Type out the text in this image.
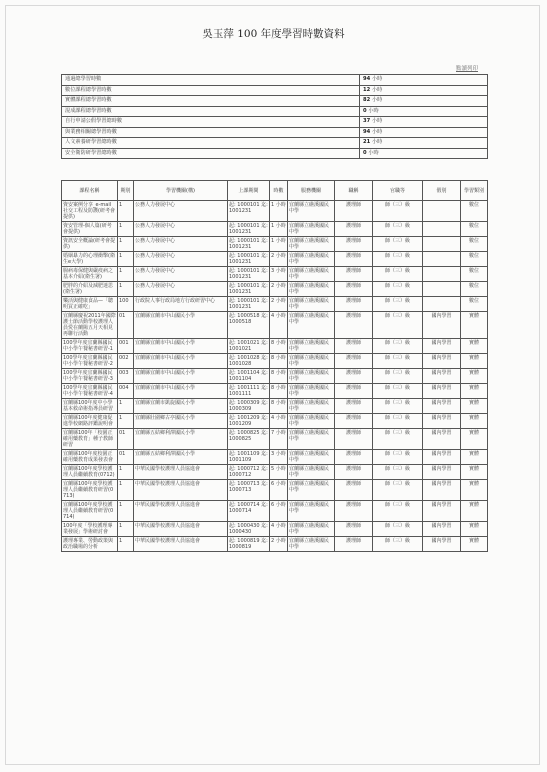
吳玉萍 100 年度學習時數資料
點讀列印
通過總學習時數	94 小時
數位課程總學習時數	12 小時
實體課程總學習時數	82 小時
混成課程總學習時數	0 小時
自行申請公假學習總時數	37 小時
與業務相關總學習時數	94 小時
人文素養研學習總時數	21 小時
安全衛防研學習總時數	0 小時
課程名稱	期別	學習機關(構)	上課期間	時數	服務機關	職稱	官職等	假別	學習類別
資安案例分享_e-mail社交工程及防護(研考會提供)	1	公務人力發展中心	起: 1000101 迄: 1001231	1 小時	宜蘭縣立礁溪國民中學	護理師	師（三）級		數位
資安管理-個人篇(研考會提供)	1	公務人力發展中心	起: 1000101 迄: 1001231	1 小時	宜蘭縣立礁溪國民中學	護理師	師（三）級		數位
資訊安全概論(研考會提供)	1	公務人力發展中心	起: 1000101 迄: 1001231	1 小時	宜蘭縣立礁溪國民中學	護理師	師（三）級		數位
婚姻暴力的心理衝擊(衛生e大學)	1	公務人力發展中心	起: 1000101 迄: 1001231	2 小時	宜蘭縣立礁溪國民中學	護理師	師（三）級		數位
腸病毒保健與嚴疫病之基本介紹(衛生署)	1	公務人力發展中心	起: 1000101 迄: 1001231	3 小時	宜蘭縣立礁溪國民中學	護理師	師（三）級		數位
肥胖的介紹及減肥迷思(衛生署)	1	公務人力發展中心	起: 1000101 迄: 1001231	2 小時	宜蘭縣立礁溪國民中學	護理師	師（三）級		數位
樂活與健康食品—「聰明買正確吃」	100	行政院人事行政局地方行政研習中心	起: 1000101 迄: 1001231	2 小時	宜蘭縣立礁溪國民中學	護理師	師（三）級		數位
宜蘭縣慶祝2011年國際護士節活動學校護理人員愛在蘭陽五月天相見再聯行活動	01	宜蘭縣宜蘭市中山國民小學	起: 1000518 迄: 1000518	4 小時	宜蘭縣立礁溪國民中學	護理師	師（三）級	國內學習	實體
100學年度宜蘭縣國民中小學午餐秘書研習-1	001	宜蘭縣宜蘭市中山國民小學	起: 1001021 迄: 1001021	8 小時	宜蘭縣立礁溪國民中學	護理師	師（三）級	國內學習	實體
100學年度宜蘭縣國民中小學午餐秘書研習-2	002	宜蘭縣宜蘭市中山國民小學	起: 1001028 迄: 1001028	8 小時	宜蘭縣立礁溪國民中學	護理師	師（三）級	國內學習	實體
100學年度宜蘭縣國民中小學午餐秘書研習-3	003	宜蘭縣宜蘭市中山國民小學	起: 1001104 迄: 1001104	8 小時	宜蘭縣立礁溪國民中學	護理師	師（三）級	國內學習	實體
100學年度宜蘭縣國民中小學午餐秘書研習-4	004	宜蘭縣宜蘭市中山國民小學	起: 1001111 迄: 1001111	8 小時	宜蘭縣立礁溪國民中學	護理師	師（三）級	國內學習	實體
宜蘭縣100年度中小學基本救命術指導員研習	1	宜蘭縣宜蘭市凱旋國民小學	起: 1000309 迄: 1000309	8 小時	宜蘭縣立礁溪國民中學	護理師	師（三）級	國內學習	實體
宜蘭縣100年度健康促進學校網路評鑑說明會	1	宜蘭縣壯圍鄉古亭國民小學	起: 1001209 迄: 1001209	4 小時	宜蘭縣立礁溪國民中學	護理師	師（三）級	國內學習	實體
宜蘭縣100年「校園正確用藥教育」種子教師研習	01	宜蘭縣五結鄉利澤國民小學	起: 1000825 迄: 1000825	7 小時	宜蘭縣立礁溪國民中學	護理師	師（三）級	國內學習	實體
宜蘭縣100年度校園正確用藥教育成果發表會	01	宜蘭縣五結鄉利澤國民小學	起: 1001109 迄: 1001109	3 小時	宜蘭縣立礁溪國民中學	護理師	師（三）級	國內學習	實體
宜蘭縣100年度學校護理人員繼續教育(0712)	1	中華民國學校護理人員協進會	起: 1000712 迄: 1000712	5 小時	宜蘭縣立礁溪國民中學	護理師	師（三）級	國內學習	實體
宜蘭縣100年度學校護理人員繼續教育研習(0713)	1	中華民國學校護理人員協進會	起: 1000713 迄: 1000713	6 小時	宜蘭縣立礁溪國民中學	護理師	師（三）級	國內學習	實體
宜蘭縣100年度學校護理人員繼續教育研習(0714)	1	中華民國學校護理人員協進會	起: 1000714 迄: 1000714	6 小時	宜蘭縣立礁溪國民中學	護理師	師（三）級	國內學習	實體
100年度「學校護理專業發展」學術研討會	1	中華民國學校護理人員協進會	起: 1000430 迄: 1000430	4 小時	宜蘭縣立礁溪國民中學	護理師	師（三）級	國內學習	實體
護理專業、勞動政策與政治職場的分析	1	中華民國學校護理人員協進會	起: 1000819 迄: 1000819	2 小時	宜蘭縣立礁溪國民中學	護理師	師（三）級	國內學習	實體
